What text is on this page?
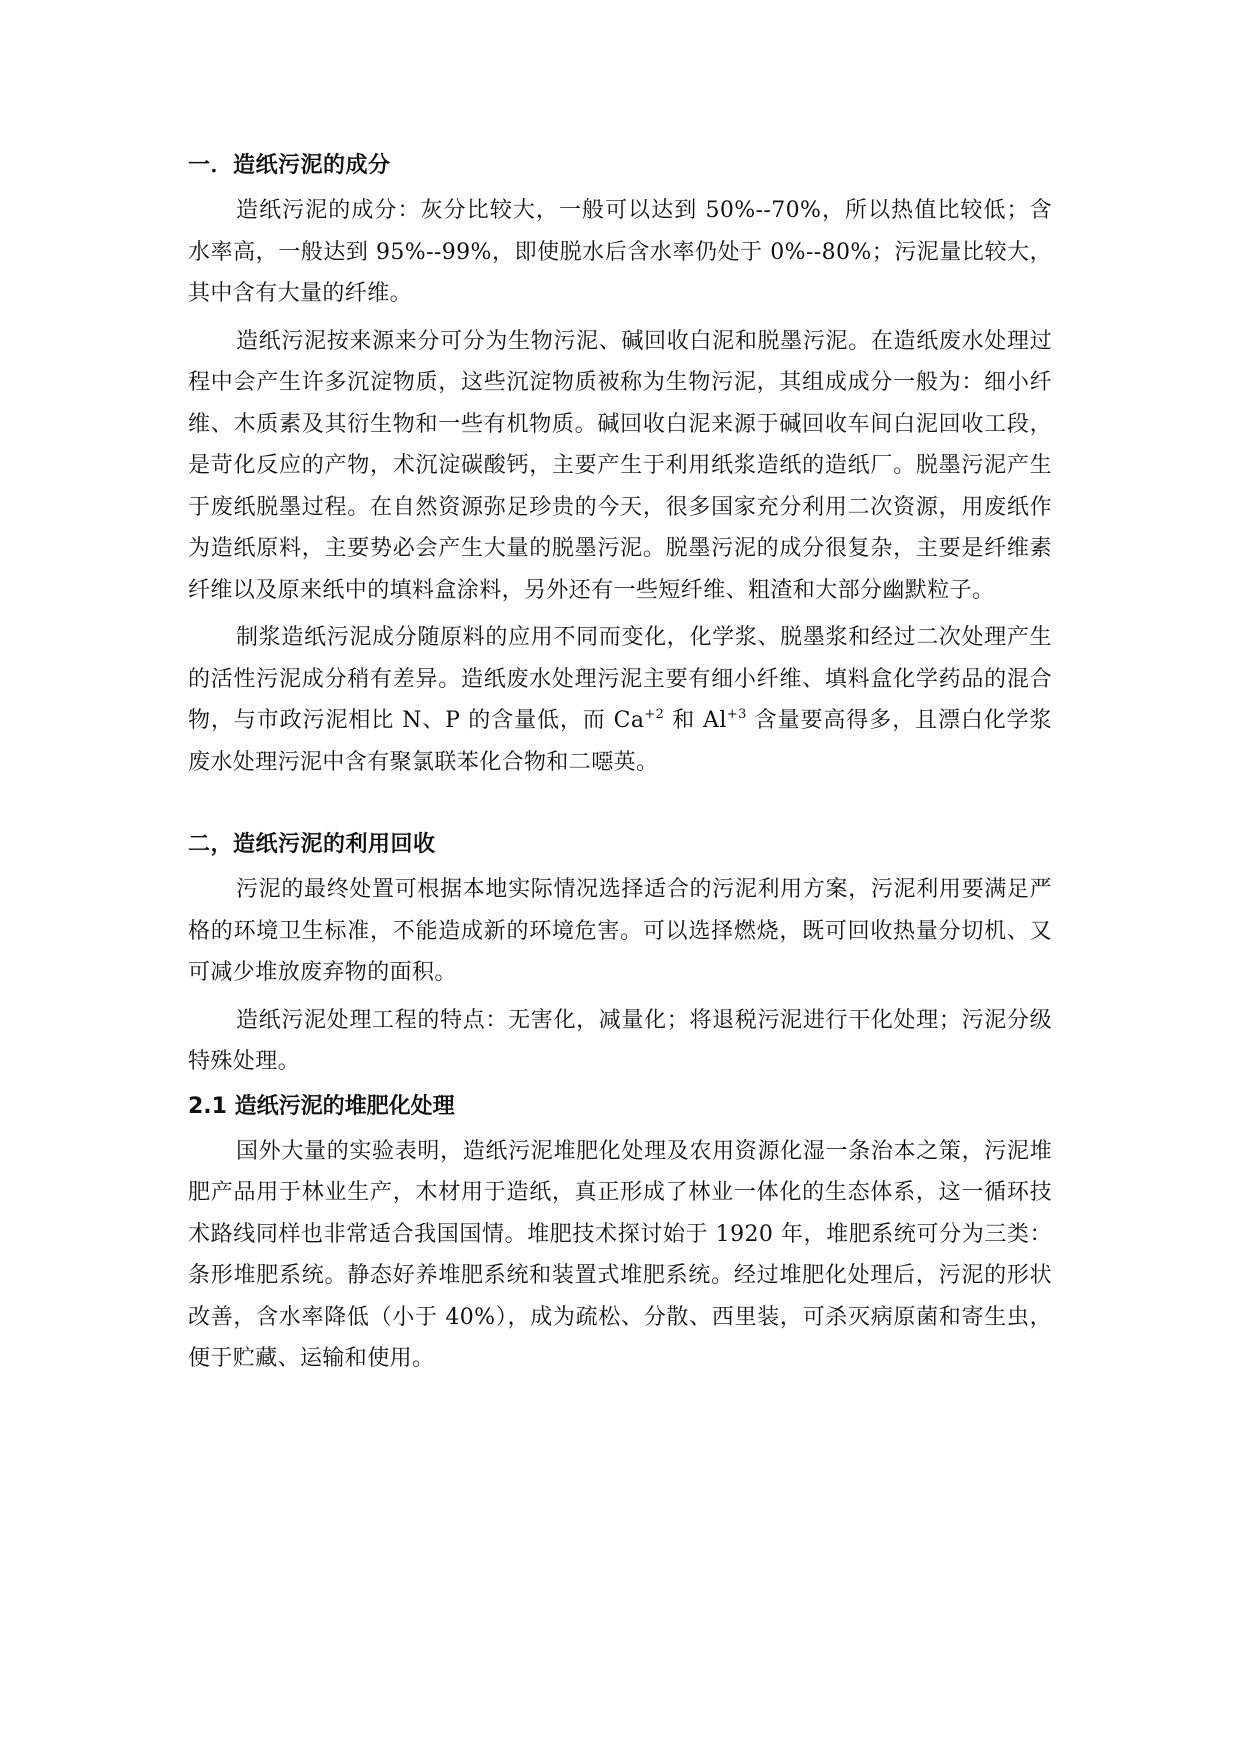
一．造纸污泥的成分
造纸污泥的成分：灰分比较大，一般可以达到 50%--70%，所以热值比较低；含水率高，一般达到 95%--99%，即使脱水后含水率仍处于 0%--80%；污泥量比较大，其中含有大量的纤维。
造纸污泥按来源来分可分为生物污泥、碱回收白泥和脱墨污泥。在造纸废水处理过程中会产生许多沉淀物质，这些沉淀物质被称为生物污泥，其组成成分一般为：细小纤维、木质素及其衍生物和一些有机物质。碱回收白泥来源于碱回收车间白泥回收工段，是苛化反应的产物，术沉淀碳酸钙，主要产生于利用纸浆造纸的造纸厂。脱墨污泥产生于废纸脱墨过程。在自然资源弥足珍贵的今天，很多国家充分利用二次资源，用废纸作为造纸原料，主要势必会产生大量的脱墨污泥。脱墨污泥的成分很复杂，主要是纤维素纤维以及原来纸中的填料盒涂料，另外还有一些短纤维、粗渣和大部分幽默粒子。
制浆造纸污泥成分随原料的应用不同而变化，化学浆、脱墨浆和经过二次处理产生的活性污泥成分稍有差异。造纸废水处理污泥主要有细小纤维、填料盒化学药品的混合物，与市政污泥相比 N、P 的含量低，而 $Ca^{+2}$ 和 $Al^{+3}$ 含量要高得多，且漂白化学浆废水处理污泥中含有聚氯联苯化合物和二噁英。
二，造纸污泥的利用回收
污泥的最终处置可根据本地实际情况选择适合的污泥利用方案，污泥利用要满足严格的环境卫生标准，不能造成新的环境危害。可以选择燃烧，既可回收热量分切机、又可减少堆放废弃物的面积。
造纸污泥处理工程的特点：无害化，减量化；将退税污泥进行干化处理；污泥分级特殊处理。
2.1 造纸污泥的堆肥化处理
国外大量的实验表明，造纸污泥堆肥化处理及农用资源化湿一条治本之策，污泥堆肥产品用于林业生产，木材用于造纸，真正形成了林业一体化的生态体系，这一循环技术路线同样也非常适合我国国情。堆肥技术探讨始于 1920 年，堆肥系统可分为三类：条形堆肥系统。静态好养堆肥系统和装置式堆肥系统。经过堆肥化处理后，污泥的形状改善，含水率降低（小于 40%），成为疏松、分散、西里装，可杀灭病原菌和寄生虫，便于贮藏、运输和使用。
